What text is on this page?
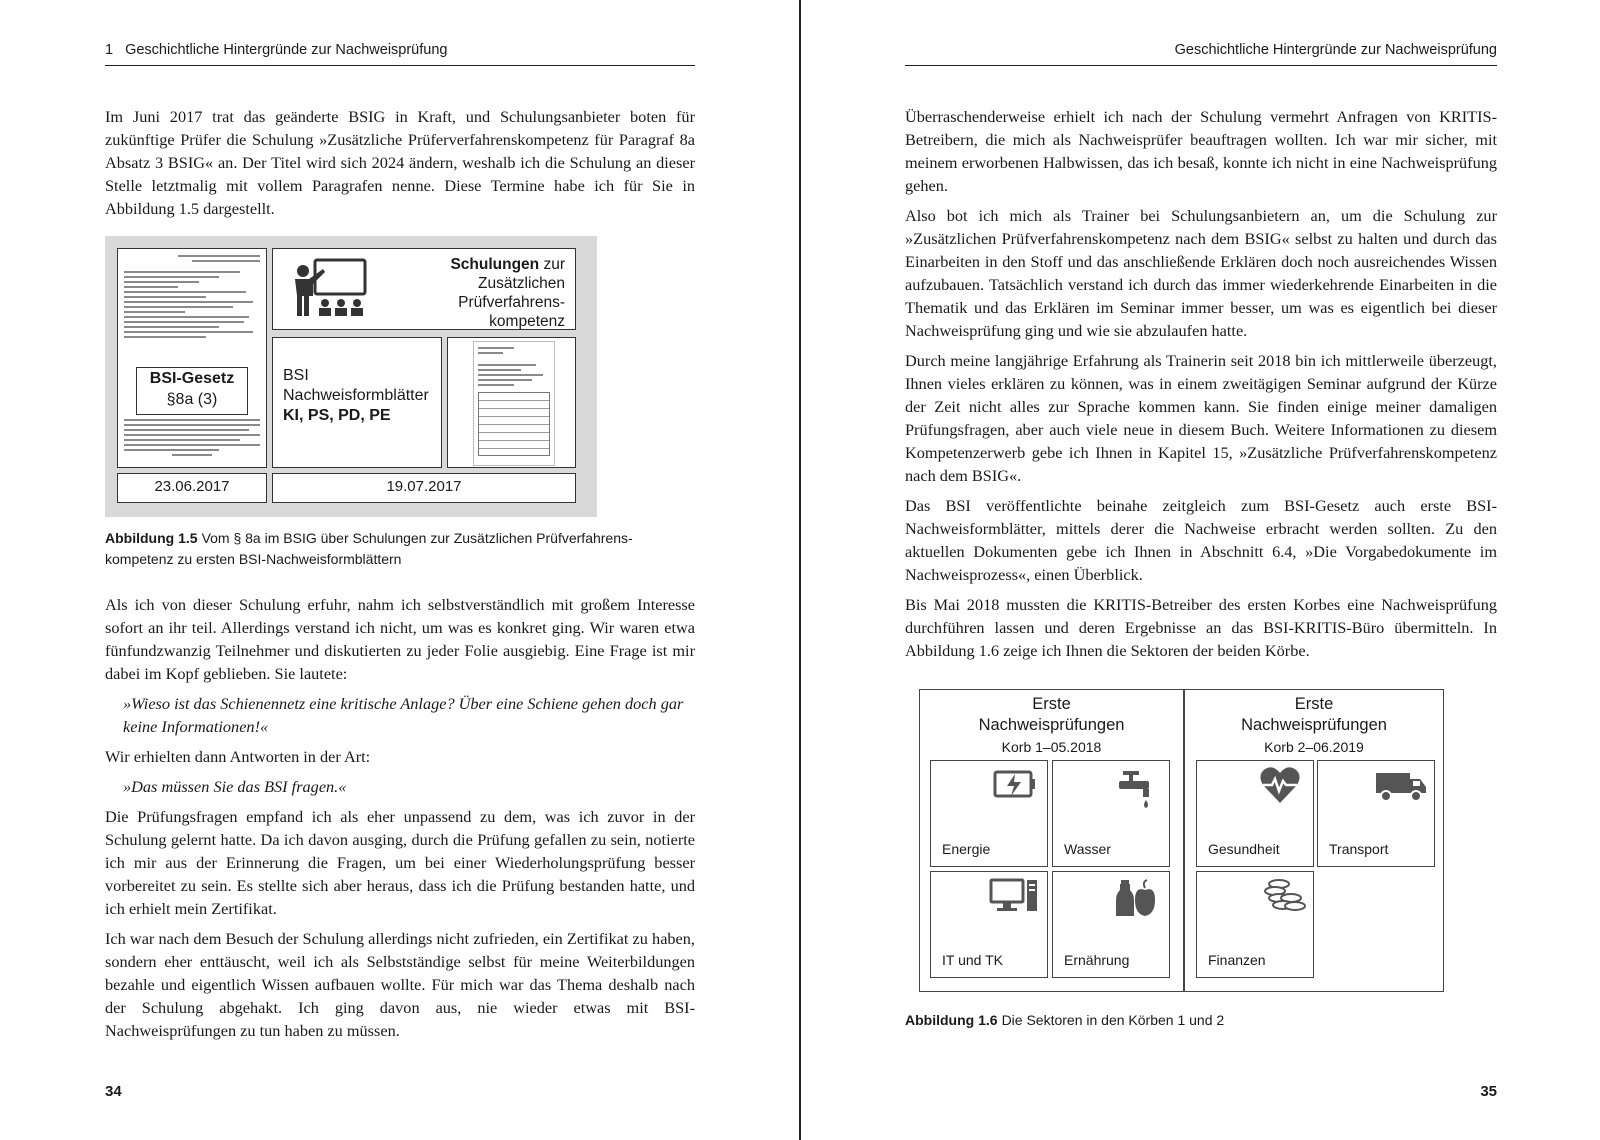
1 Geschichtliche Hintergründe zur Nachweisprüfung

Im Juni 2017 trat das geänderte BSIG in Kraft, und Schulungsanbieter boten für zukünftige Prüfer die Schulung »Zusätzliche Prüferverfahrenskompetenz für Paragraf 8a Absatz 3 BSIG« an. Der Titel wird sich 2024 ändern, weshalb ich die Schulung an dieser Stelle letztmalig mit vollem Paragrafen nenne. Diese Termine habe ich für Sie in Abbildung 1.5 dargestellt.

BSI-Gesetz
§8a (3)
Schulungen zur
Zusätzlichen
Prüfverfahrens-
kompetenz
BSI
Nachweisformblätter
KI, PS, PD, PE
23.06.2017	19.07.2017
Abbildung 1.5 Vom § 8a im BSIG über Schulungen zur Zusätzlichen Prüfverfahrens-kompetenz zu ersten BSI-Nachweisformblättern

Als ich von dieser Schulung erfuhr, nahm ich selbstverständlich mit großem Interesse sofort an ihr teil. Allerdings verstand ich nicht, um was es konkret ging. Wir waren etwa fünfundzwanzig Teilnehmer und diskutierten zu jeder Folie ausgiebig. Eine Frage ist mir dabei im Kopf geblieben. Sie lautete:

»Wieso ist das Schienennetz eine kritische Anlage? Über eine Schiene gehen doch gar keine Informationen!«

Wir erhielten dann Antworten in der Art:

»Das müssen Sie das BSI fragen.«

Die Prüfungsfragen empfand ich als eher unpassend zu dem, was ich zuvor in der Schulung gelernt hatte. Da ich davon ausging, durch die Prüfung gefallen zu sein, notierte ich mir aus der Erinnerung die Fragen, um bei einer Wiederholungsprüfung besser vorbereitet zu sein. Es stellte sich aber heraus, dass ich die Prüfung bestanden hatte, und ich erhielt mein Zertifikat.

Ich war nach dem Besuch der Schulung allerdings nicht zufrieden, ein Zertifikat zu haben, sondern eher enttäuscht, weil ich als Selbstständige selbst für meine Weiterbildungen bezahle und eigentlich Wissen aufbauen wollte. Für mich war das Thema deshalb nach der Schulung abgehakt. Ich ging davon aus, nie wieder etwas mit BSI-Nachweisprüfungen zu tun haben zu müssen.

34
Geschichtliche Hintergründe zur Nachweisprüfung

Überraschenderweise erhielt ich nach der Schulung vermehrt Anfragen von KRITIS-Betreibern, die mich als Nachweisprüfer beauftragen wollten. Ich war mir sicher, mit meinem erworbenen Halbwissen, das ich besaß, konnte ich nicht in eine Nachweisprüfung gehen.

Also bot ich mich als Trainer bei Schulungsanbietern an, um die Schulung zur »Zusätzlichen Prüfverfahrenskompetenz nach dem BSIG« selbst zu halten und durch das Einarbeiten in den Stoff und das anschließende Erklären doch noch ausreichendes Wissen aufzubauen. Tatsächlich verstand ich durch das immer wiederkehrende Einarbeiten in die Thematik und das Erklären im Seminar immer besser, um was es eigentlich bei dieser Nachweisprüfung ging und wie sie abzulaufen hatte.

Durch meine langjährige Erfahrung als Trainerin seit 2018 bin ich mittlerweile überzeugt, Ihnen vieles erklären zu können, was in einem zweitägigen Seminar aufgrund der Kürze der Zeit nicht alles zur Sprache kommen kann. Sie finden einige meiner damaligen Prüfungsfragen, aber auch viele neue in diesem Buch. Weitere Informationen zu diesem Kompetenzerwerb gebe ich Ihnen in Kapitel 15, »Zusätzliche Prüfverfahrenskompetenz nach dem BSIG«.

Das BSI veröffentlichte beinahe zeitgleich zum BSI-Gesetz auch erste BSI-Nachweisformblätter, mittels derer die Nachweise erbracht werden sollten. Zu den aktuellen Dokumenten gebe ich Ihnen in Abschnitt 6.4, »Die Vorgabedokumente im Nachweisprozess«, einen Überblick.

Bis Mai 2018 mussten die KRITIS-Betreiber des ersten Korbes eine Nachweisprüfung durchführen lassen und deren Ergebnisse an das BSI-KRITIS-Büro übermitteln. In Abbildung 1.6 zeige ich Ihnen die Sektoren der beiden Körbe.

Erste
Nachweisprüfungen
Korb 1–05.2018
Energie	Wasser
IT und TK	Ernährung
Erste
Nachweisprüfungen
Korb 2–06.2019
Gesundheit	Transport
Finanzen
Abbildung 1.6 Die Sektoren in den Körben 1 und 2
35
